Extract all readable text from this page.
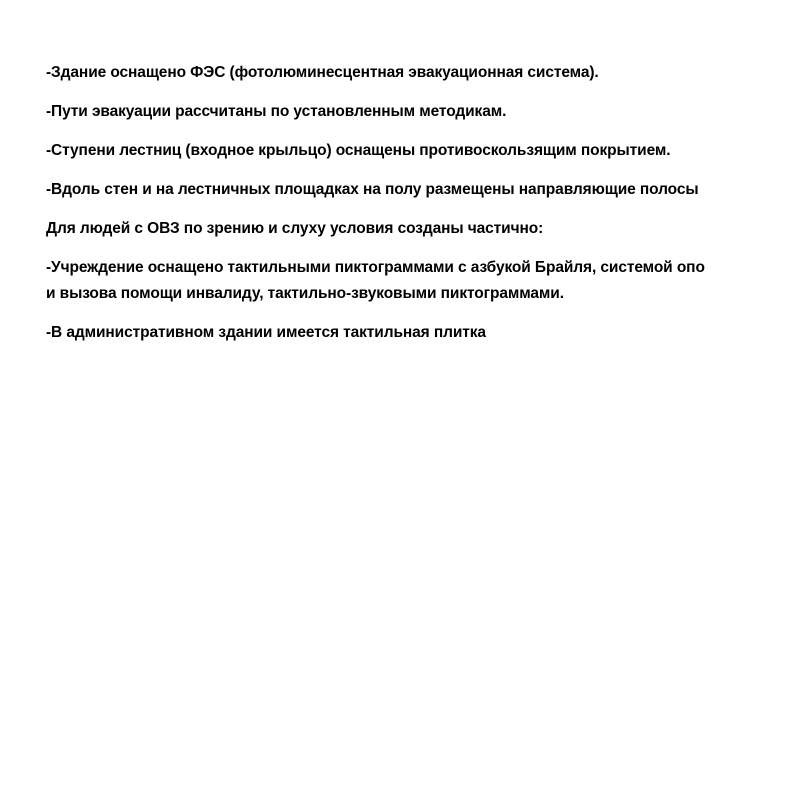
-Здание оснащено ФЭС (фотолюминесцентная эвакуационная система).

-Пути эвакуации рассчитаны по установленным методикам.

-Ступени лестниц (входное крыльцо) оснащены противоскользящим покрытием.

-Вдоль стен и на лестничных площадках на полу размещены направляющие полосы

Для людей с ОВЗ по зрению и слуху условия созданы частично:

-Учреждение оснащено тактильными пиктограммами с азбукой Брайля, системой опо
и вызова помощи инвалиду, тактильно-звуковыми пиктограммами.

-В административном здании имеется тактильная плитка
